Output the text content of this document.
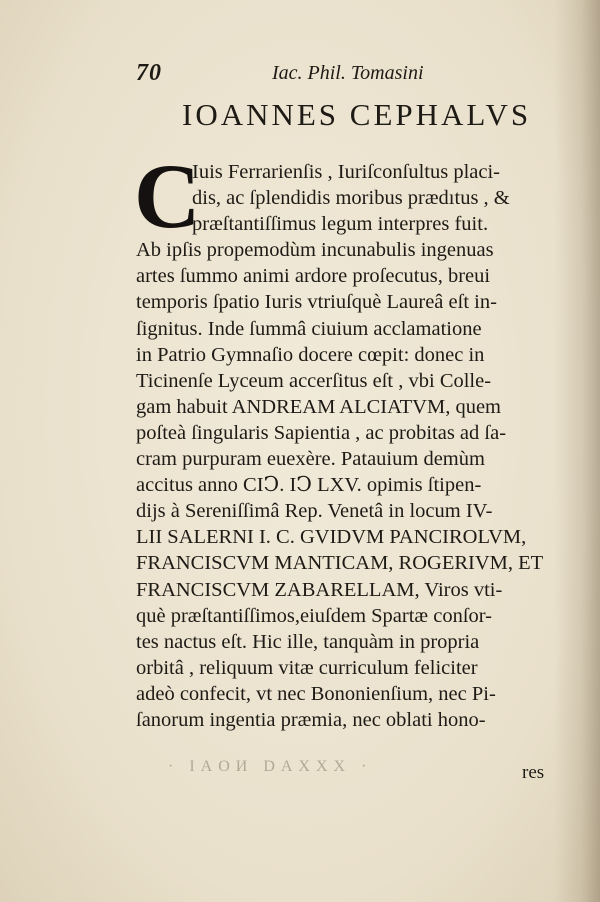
70	Iac. Phil. Tomasini
IOANNES CEPHALVS
C
Iuis Ferrarienſis , Iuriſconſultus placi-
dis, ac ſplendidis moribus prædıtus , &
præſtantiſſimus legum interpres fuit.
Ab ipſis propemodùm incunabulis ingenuas
artes ſummo animi ardore proſecutus, breui
temporis ſpatio Iuris vtriuſquè Laureâ eſt in-
ſignitus. Inde ſummâ ciuium acclamatione
in Patrio Gymnaſio docere cœpit: donec in
Ticinenſe Lyceum accerſitus eſt , vbi Colle-
gam habuit ANDREAM ALCIATVM, quem
poſteà ſingularis Sapientia , ac probitas ad ſa-
cram purpuram euexère. Patauium demùm
accitus anno CIↃ. IↃ LXV. opimis ſtipen-
dijs à Sereniſſimâ Rep. Venetâ in locum IV-
LII SALERNI I. C. GVIDVM PANCIROLVM,
FRANCISCVM MANTICAM, ROGERIVM, ET
FRANCISCVM ZABARELLAM, Viros vti-
què præſtantiſſimos,eiuſdem Spartæ conſor-
tes nactus eſt. Hic ille, tanquàm in propria
orbitâ , reliquum vitæ curriculum feliciter
adeò confecit, vt nec Bononienſium, nec Pi-
ſanorum ingentia præmia, nec oblati hono-
· IAOИ DAXXX ·	res
